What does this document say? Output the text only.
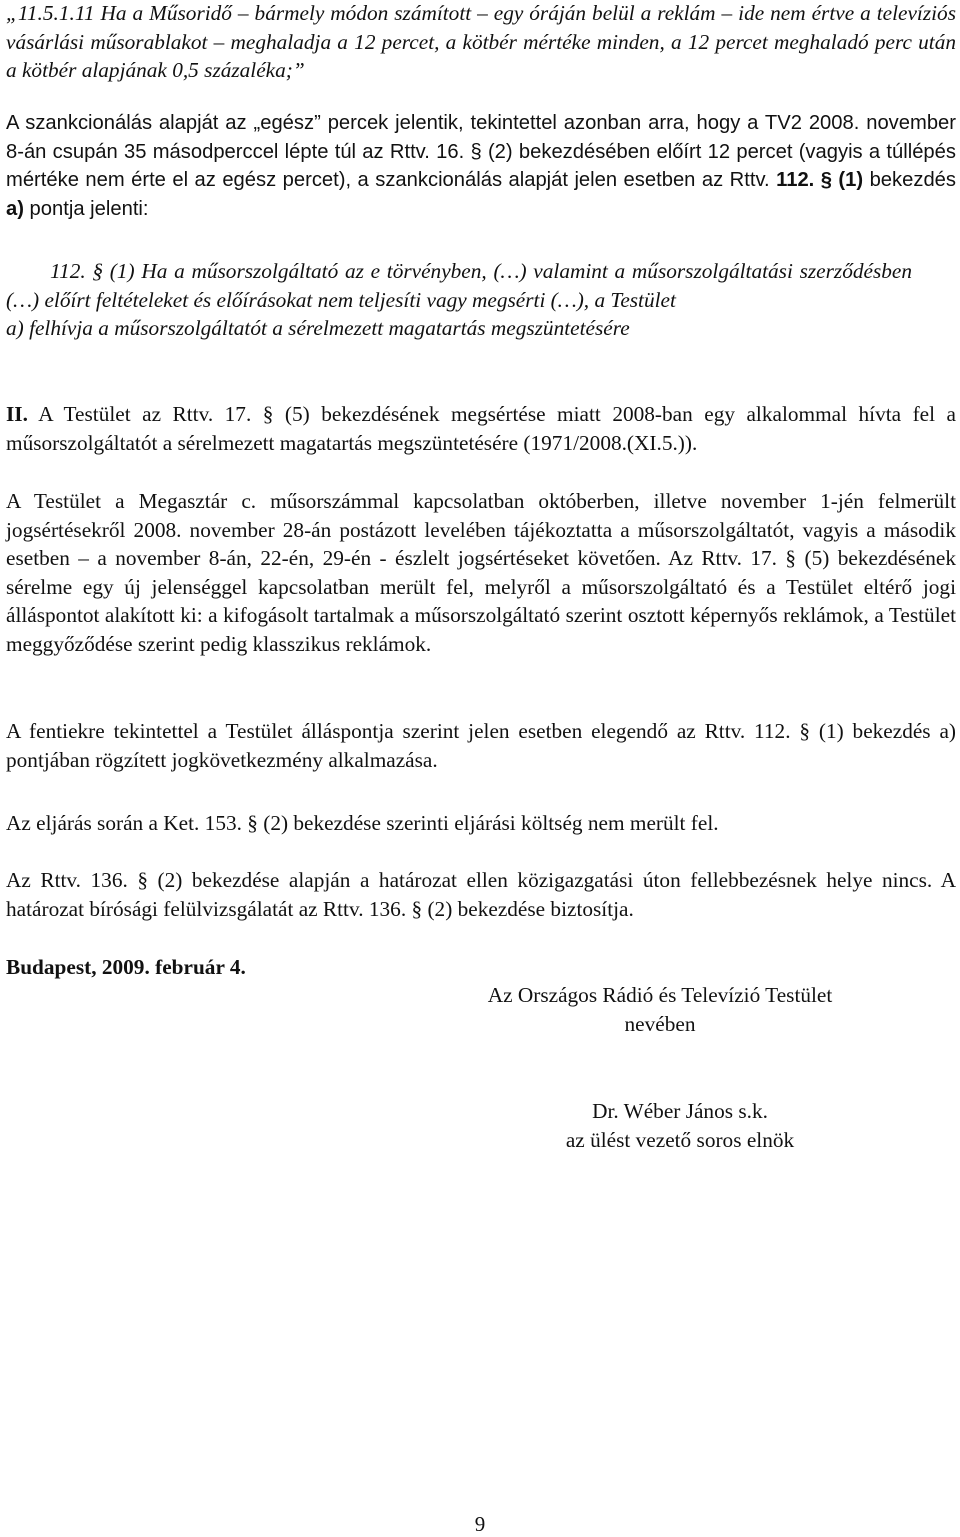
„11.5.1.11 Ha a Műsoridő – bármely módon számított – egy óráján belül a reklám – ide nem értve a televíziós vásárlási műsorablakot – meghaladja a 12 percet, a kötbér mértéke minden, a 12 percet meghaladó perc után a kötbér alapjának 0,5 százaléka;”

A szankcionálás alapját az „egész” percek jelentik, tekintettel azonban arra, hogy a TV2 2008. november 8-án csupán 35 másodperccel lépte túl az Rttv. 16. § (2) bekezdésében előírt 12 percet (vagyis a túllépés mértéke nem érte el az egész percet), a szankcionálás alapját jelen esetben az Rttv. 112. § (1) bekezdés a) pontja jelenti:

112. § (1) Ha a műsorszolgáltató az e törvényben, (…) valamint a műsorszolgáltatási szerződésben (…) előírt feltételeket és előírásokat nem teljesíti vagy megsérti (…), a Testület
a) felhívja a műsorszolgáltatót a sérelmezett magatartás megszüntetésére

II. A Testület az Rttv. 17. § (5) bekezdésének megsértése miatt 2008-ban egy alkalommal hívta fel a műsorszolgáltatót a sérelmezett magatartás megszüntetésére (1971/2008.(XI.5.)).

A Testület a Megasztár c. műsorszámmal kapcsolatban októberben, illetve november 1-jén felmerült jogsértésekről 2008. november 28-án postázott levelében tájékoztatta a műsorszolgáltatót, vagyis a második esetben – a november 8-án, 22-én, 29-én - észlelt jogsértéseket követően. Az Rttv. 17. § (5) bekezdésének sérelme egy új jelenséggel kapcsolatban merült fel, melyről a műsorszolgáltató és a Testület eltérő jogi álláspontot alakított ki: a kifogásolt tartalmak a műsorszolgáltató szerint osztott képernyős reklámok, a Testület meggyőződése szerint pedig klasszikus reklámok.

A fentiekre tekintettel a Testület álláspontja szerint jelen esetben elegendő az Rttv. 112. § (1) bekezdés a) pontjában rögzített jogkövetkezmény alkalmazása.

Az eljárás során a Ket. 153. § (2) bekezdése szerinti eljárási költség nem merült fel.

Az Rttv. 136. § (2) bekezdése alapján a határozat ellen közigazgatási úton fellebbezésnek helye nincs. A határozat bírósági felülvizsgálatát az Rttv. 136. § (2) bekezdése biztosítja.

Budapest, 2009. február 4.

Az Országos Rádió és Televízió Testület
nevében
Dr. Wéber János s.k.
az ülést vezető soros elnök
9
